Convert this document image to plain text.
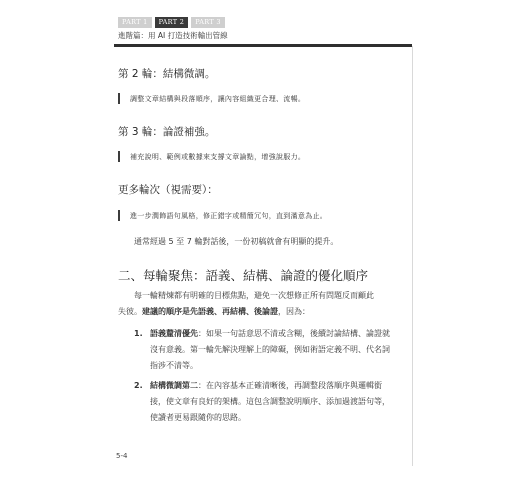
PART 1	PART 2	PART 3
進階篇：用 AI 打造技術輸出管線
第 2 輪：結構微調。
調整文章結構與段落順序，讓內容組織更合理、流暢。
第 3 輪：論證補強。
補充說明、範例或數據來支撐文章論點，增強說服力。
更多輪次（視需要）：
進一步潤飾語句風格，修正錯字或精簡冗句，直到滿意為止。
通常經過 5 至 7 輪對話後，一份初稿就會有明顯的提升。
二、每輪聚焦：語義、結構、論證的優化順序
每一輪精煉都有明確的目標焦點，避免一次想修正所有問題反而顧此
失彼。建議的順序是先語義、再結構、後論證，因為：
1. 語義釐清優先：如果一句話意思不清或含糊，後續討論結構、論證就
沒有意義。第一輪先解決理解上的障礙，例如術語定義不明、代名詞
指涉不清等。
2. 結構微調第二：在內容基本正確清晰後，再調整段落順序與邏輯銜
接，使文章有良好的架構。這包含調整說明順序、添加過渡語句等，
使讀者更易跟隨你的思路。
5-4
